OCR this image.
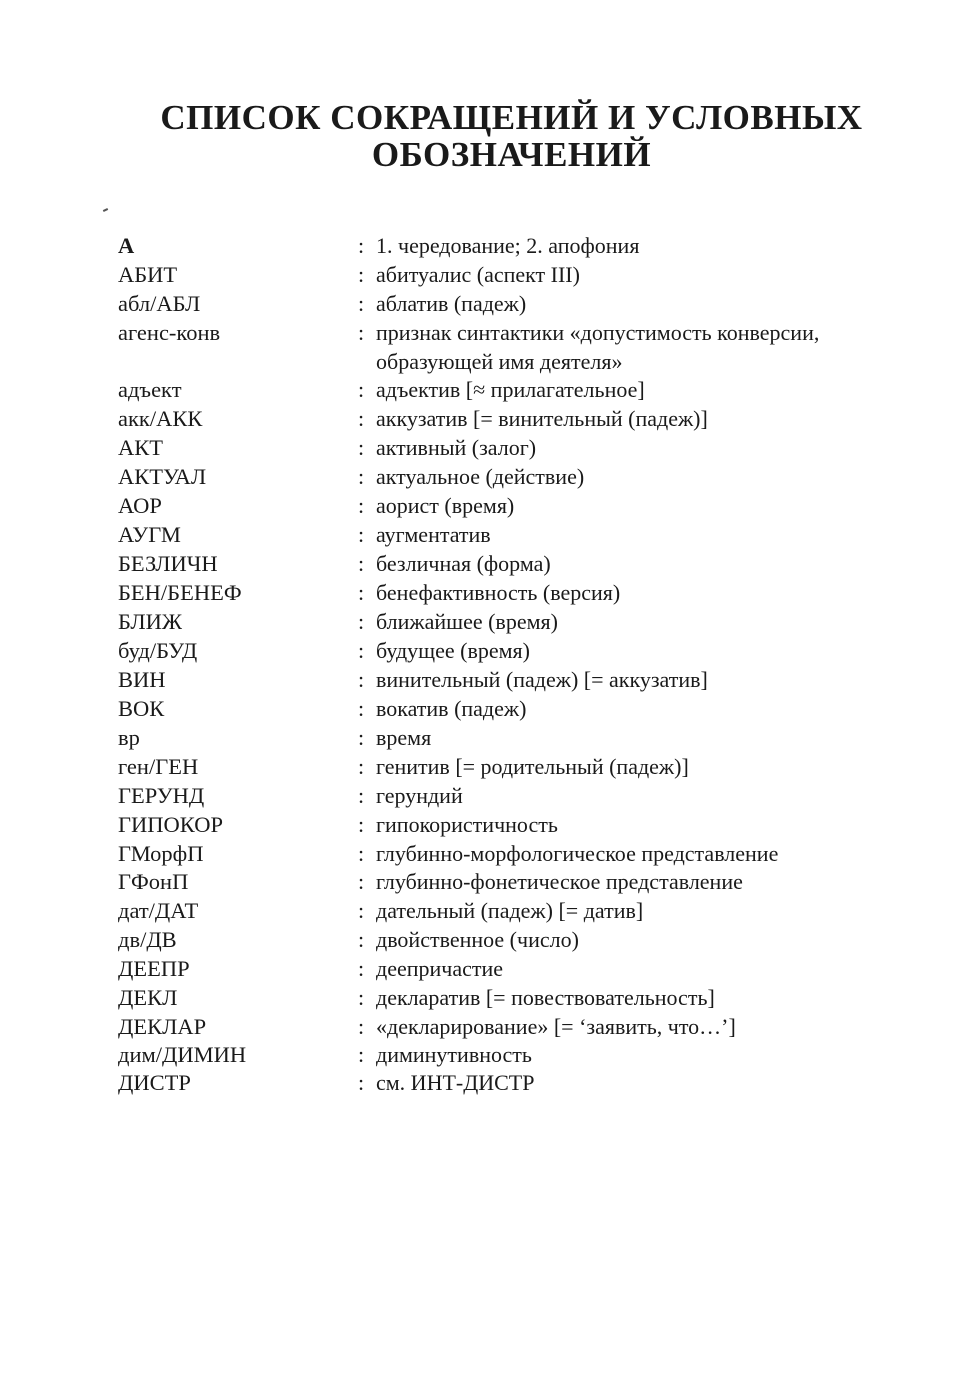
СПИСОК СОКРАЩЕНИЙ И УСЛОВНЫХ
ОБОЗНАЧЕНИЙ
А	: 1. чередование; 2. апофония
АБИТ	: абитуалис (аспект III)
абл/АБЛ	: аблатив (падеж)
агенс-конв	: признак синтактики «допустимость конверсии, образующей имя деятеля»
адъект	: адъектив [≈ прилагательное]
акк/АКК	: аккузатив [= винительный (падеж)]
АКТ	: активный (залог)
АКТУАЛ	: актуальное (действие)
АОР	: аорист (время)
АУГМ	: аугментатив
БЕЗЛИЧН	: безличная (форма)
БЕН/БЕНЕФ	: бенефактивность (версия)
БЛИЖ	: ближайшее (время)
буд/БУД	: будущее (время)
ВИН	: винительный (падеж) [= аккузатив]
ВОК	: вокатив (падеж)
вр	: время
ген/ГЕН	: генитив [= родительный (падеж)]
ГЕРУНД	: герундий
ГИПОКОР	: гипокористичность
ГМорфП	: глубинно-морфологическое представление
ГФонП	: глубинно-фонетическое представление
дат/ДАТ	: дательный (падеж) [= датив]
дв/ДВ	: двойственное (число)
ДЕЕПР	: деепричастие
ДЕКЛ	: декларатив [= повествовательность]
ДЕКЛАР	: «декларирование» [= ‘заявить, что…’]
дим/ДИМИН	: диминутивность
ДИСТР	: см. ИНТ-ДИСТР
